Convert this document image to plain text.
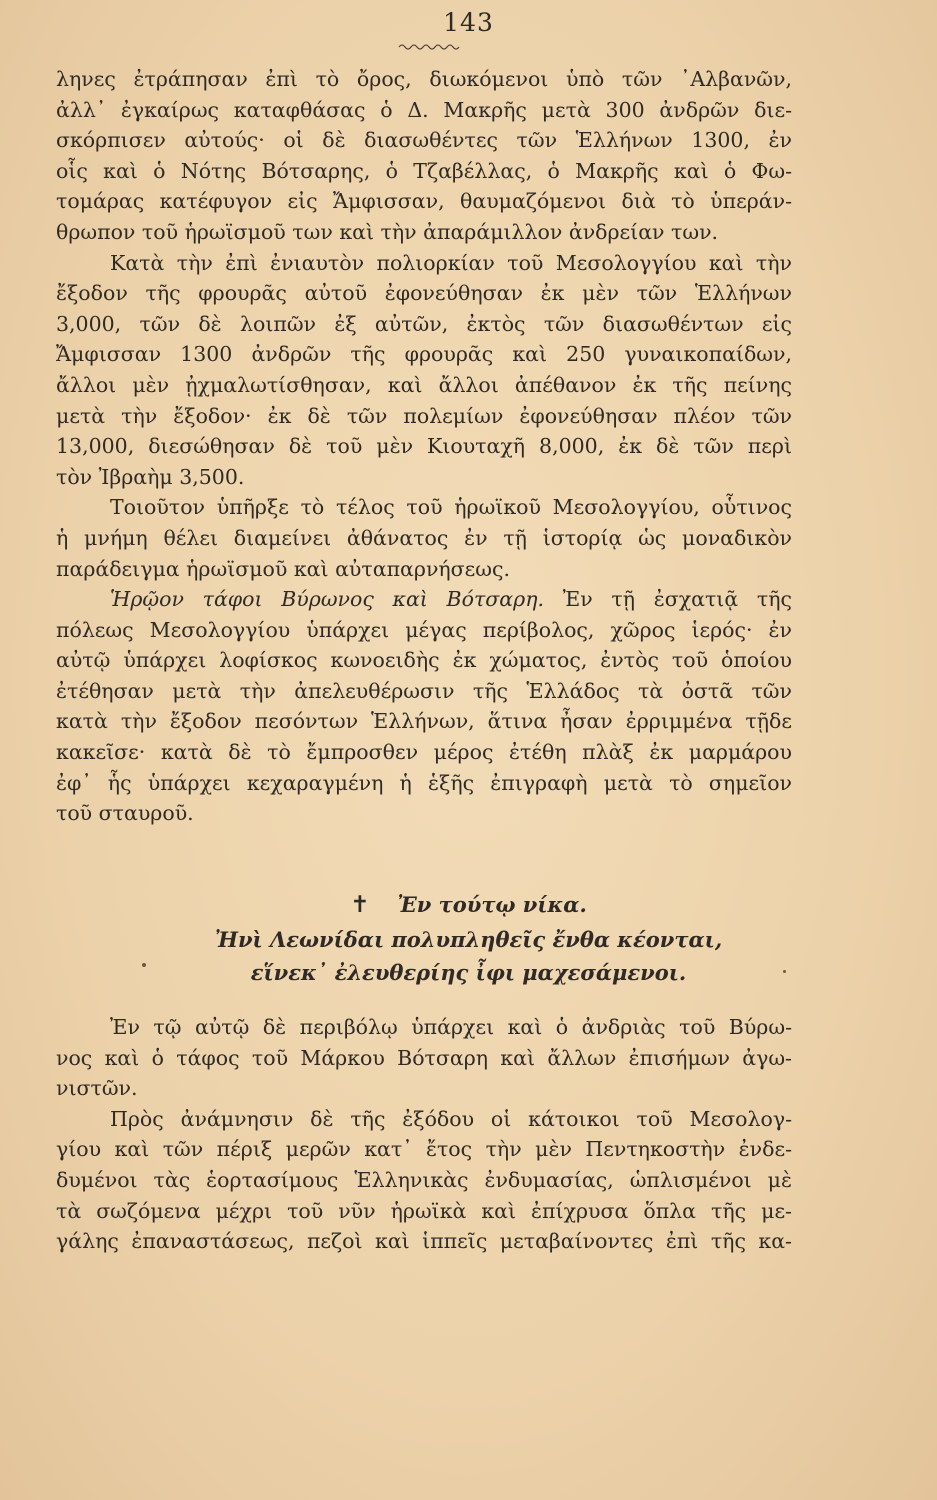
143
ληνες ἐτράπησαν ἐπὶ τὸ ὄρος, διωκόμενοι ὑπὸ τῶν ᾿Αλβανῶν,
ἀλλ᾽ ἐγκαίρως καταφθάσας ὁ Δ. Μακρῆς μετὰ 300 ἀνδρῶν διε-
σκόρπισεν αὐτούς· οἱ δὲ διασωθέντες τῶν Ἑλλήνων 1300, ἐν
οἷς καὶ ὁ Νότης Βότσαρης, ὁ Τζαβέλλας, ὁ Μακρῆς καὶ ὁ Φω-
τομάρας κατέφυγον εἰς Ἄμφισσαν, θαυμαζόμενοι διὰ τὸ ὑπεράν-
θρωπον τοῦ ἡρωϊσμοῦ των καὶ τὴν ἀπαράμιλλον ἀνδρείαν των.
Κατὰ τὴν ἐπὶ ἐνιαυτὸν πολιορκίαν τοῦ Μεσολογγίου καὶ τὴν
ἔξοδον τῆς φρουρᾶς αὐτοῦ ἐφονεύθησαν ἐκ μὲν τῶν Ἑλλήνων
3,000, τῶν δὲ λοιπῶν ἐξ αὐτῶν, ἐκτὸς τῶν διασωθέντων εἰς
Ἄμφισσαν 1300 ἀνδρῶν τῆς φρουρᾶς καὶ 250 γυναικοπαίδων,
ἄλλοι μὲν ᾐχμαλωτίσθησαν, καὶ ἄλλοι ἀπέθανον ἐκ τῆς πείνης
μετὰ τὴν ἔξοδον· ἐκ δὲ τῶν πολεμίων ἐφονεύθησαν πλέον τῶν
13,000, διεσώθησαν δὲ τοῦ μὲν Κιουταχῆ 8,000, ἐκ δὲ τῶν περὶ
τὸν Ἰβραὴμ 3,500.
Τοιοῦτον ὑπῆρξε τὸ τέλος τοῦ ἡρωϊκοῦ Μεσολογγίου, οὗτινος
ἡ μνήμη θέλει διαμείνει ἀθάνατος ἐν τῇ ἱστορίᾳ ὡς μοναδικὸν
παράδειγμα ἡρωϊσμοῦ καὶ αὐταπαρνήσεως.
Ἡρῷον τάφοι Βύρωνος καὶ Βότσαρη. Ἐν τῇ ἐσχατιᾷ τῆς
πόλεως Μεσολογγίου ὑπάρχει μέγας περίβολος, χῶρος ἱερός· ἐν
αὐτῷ ὑπάρχει λοφίσκος κωνοειδὴς ἐκ χώματος, ἐντὸς τοῦ ὁποίου
ἐτέθησαν μετὰ τὴν ἀπελευθέρωσιν τῆς Ἑλλάδος τὰ ὀστᾶ τῶν
κατὰ τὴν ἔξοδον πεσόντων Ἑλλήνων, ἅτινα ἦσαν ἐρριμμένα τῇδε
κακεῖσε· κατὰ δὲ τὸ ἔμπροσθεν μέρος ἐτέθη πλὰξ ἐκ μαρμάρου
ἐφ᾽ ἧς ὑπάρχει κεχαραγμένη ἡ ἑξῆς ἐπιγραφὴ μετὰ τὸ σημεῖον
τοῦ σταυροῦ.
✝ Ἐν τούτῳ νίκα.
Ἠνὶ Λεωνίδαι πολυπληθεῖς ἔνθα κέονται,
εἵνεκ᾽ ἐλευθερίης ἶφι μαχεσάμενοι.
Ἐν τῷ αὐτῷ δὲ περιβόλῳ ὑπάρχει καὶ ὁ ἀνδριὰς τοῦ Βύρω-
νος καὶ ὁ τάφος τοῦ Μάρκου Βότσαρη καὶ ἄλλων ἐπισήμων ἀγω-
νιστῶν.
Πρὸς ἀνάμνησιν δὲ τῆς ἐξόδου οἱ κάτοικοι τοῦ Μεσολογ-
γίου καὶ τῶν πέριξ μερῶν κατ᾽ ἔτος τὴν μὲν Πεντηκοστὴν ἐνδε-
δυμένοι τὰς ἑορτασίμους Ἑλληνικὰς ἐνδυμασίας, ὡπλισμένοι μὲ
τὰ σωζόμενα μέχρι τοῦ νῦν ἡρωϊκὰ καὶ ἐπίχρυσα ὅπλα τῆς με-
γάλης ἐπαναστάσεως, πεζοὶ καὶ ἱππεῖς μεταβαίνοντες ἐπὶ τῆς κα-
